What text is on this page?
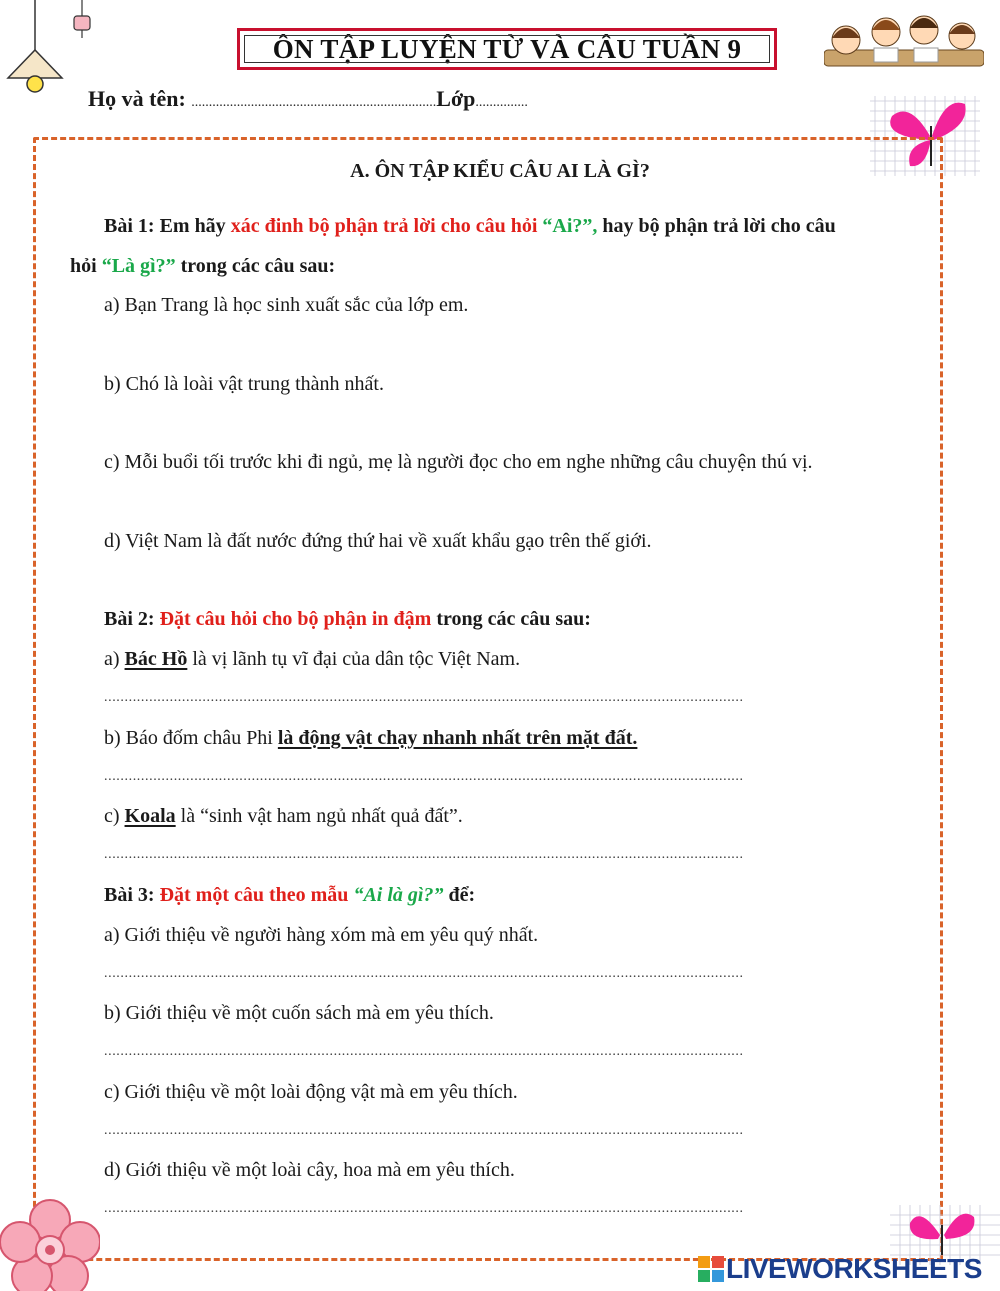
ÔN TẬP LUYỆN TỪ VÀ CÂU TUẦN 9
Họ và tên: ......................................................................Lớp...............
A. ÔN TẬP KIỂU CÂU AI LÀ GÌ?
Bài 1: Em hãy xác đinh bộ phận trả lời cho câu hỏi “Ai?”, hay bộ phận trả lời cho câu
hỏi “Là gì?” trong các câu sau:
a) Bạn Trang là học sinh xuất sắc của lớp em.
b) Chó là loài vật trung thành nhất.
c) Mỗi buổi tối trước khi đi ngủ, mẹ là người đọc cho em nghe những câu chuyện thú vị.
d) Việt Nam là đất nước đứng thứ hai về xuất khẩu gạo trên thế giới.
Bài 2: Đặt câu hỏi cho bộ phận in đậm trong các câu sau:
a) Bác Hồ là vị lãnh tụ vĩ đại của dân tộc Việt Nam.
............................................................................................................................................................
b) Báo đốm châu Phi là động vật chạy nhanh nhất trên mặt đất.
............................................................................................................................................................
c) Koala là “sinh vật ham ngủ nhất quả đất”.
............................................................................................................................................................
Bài 3: Đặt một câu theo mẫu “Ai là gì?” để:
a) Giới thiệu về người hàng xóm mà em yêu quý nhất.
............................................................................................................................................................
b) Giới thiệu về một cuốn sách mà em yêu thích.
............................................................................................................................................................
c) Giới thiệu về một loài động vật mà em yêu thích.
............................................................................................................................................................
d) Giới thiệu về một loài cây, hoa mà em yêu thích.
............................................................................................................................................................
LIVEWORKSHEETS
